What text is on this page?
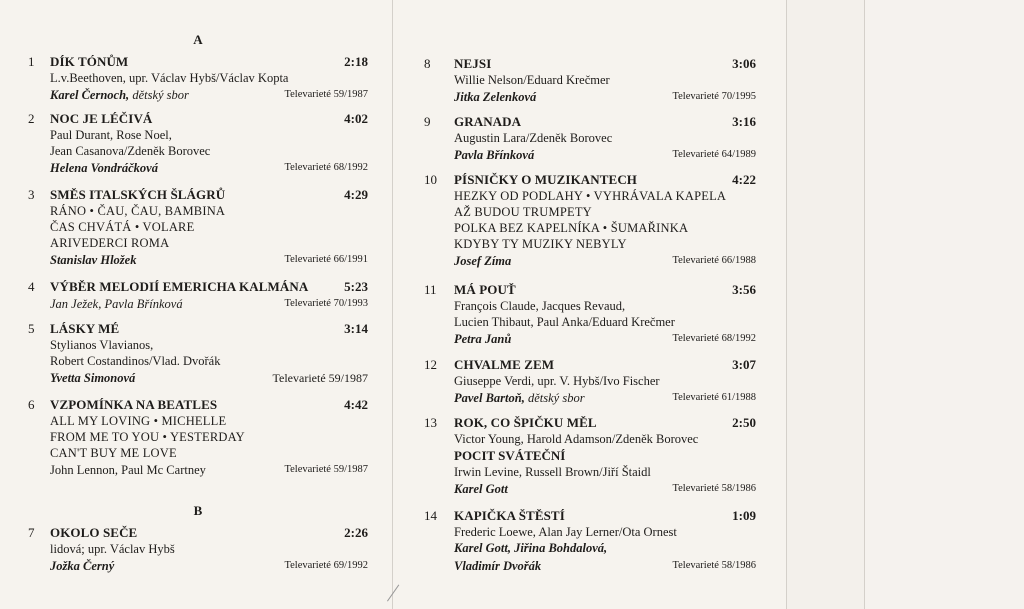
A
1	DÍK TÓNŮM	2:18
L.v.Beethoven, upr. Václav Hybš/Václav Kopta
Karel Černoch, dětský sbor	Televarieté 59/1987
2	NOC JE LÉČIVÁ	4:02
Paul Durant, Rose Noel,
Jean Casanova/Zdeněk Borovec
Helena Vondráčková	Televarieté 68/1992
3	SMĚS ITALSKÝCH ŠLÁGRŮ	4:29
RÁNO • ČAU, ČAU, BAMBINA
ČAS CHVÁTÁ • VOLARE
ARIVEDERCI ROMA
Stanislav Hložek	Televarieté 66/1991
4	VÝBĚR MELODIÍ EMERICHA KALMÁNA	5:23
Jan Ježek, Pavla Břínková	Televarieté 70/1993
5	LÁSKY MÉ	3:14
Stylianos Vlavianos,
Robert Costandinos/Vlad. Dvořák
Yvetta Simonová	Televarieté 59/1987
6	VZPOMÍNKA NA BEATLES	4:42
ALL MY LOVING • MICHELLE
FROM ME TO YOU • YESTERDAY
CAN'T BUY ME LOVE
John Lennon, Paul Mc Cartney	Televarieté 59/1987
B
7	OKOLO SEČE	2:26
lidová; upr. Václav Hybš
Jožka Černý	Televarieté 69/1992
8	NEJSI	3:06
Willie Nelson/Eduard Krečmer
Jitka Zelenková	Televarieté 70/1995
9	GRANADA	3:16
Augustin Lara/Zdeněk Borovec
Pavla Břínková	Televarieté 64/1989
10	PÍSNIČKY O MUZIKANTECH	4:22
HEZKY OD PODLAHY • VYHRÁVALA KAPELA
AŽ BUDOU TRUMPETY
POLKA BEZ KAPELNÍKA • ŠUMAŘINKA
KDYBY TY MUZIKY NEBYLY
Josef Zíma	Televarieté 66/1988
11	MÁ POUŤ	3:56
François Claude, Jacques Revaud,
Lucien Thibaut, Paul Anka/Eduard Krečmer
Petra Janů	Televarieté 68/1992
12	CHVALME ZEM	3:07
Giuseppe Verdi, upr. V. Hybš/Ivo Fischer
Pavel Bartoň, dětský sbor	Televarieté 61/1988
13	ROK, CO ŠPIČKU MĚL	2:50
Victor Young, Harold Adamson/Zdeněk Borovec
POCIT SVÁTEČNÍ
Irwin Levine, Russell Brown/Jiří Štaidl
Karel Gott	Televarieté 58/1986
14	KAPIČKA ŠTĚSTÍ	1:09
Frederic Loewe, Alan Jay Lerner/Ota Ornest
Karel Gott, Jiřina Bohdalová,
Vladimír Dvořák	Televarieté 58/1986
